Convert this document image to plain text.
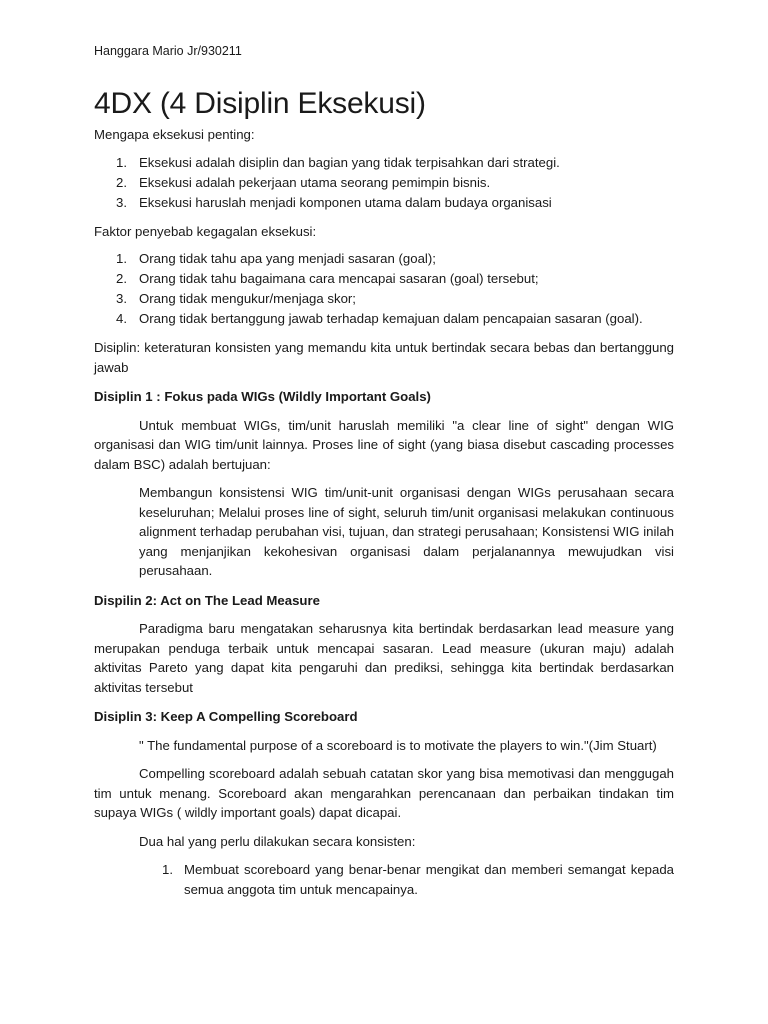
Hanggara Mario Jr/930211
4DX (4 Disiplin Eksekusi)

Mengapa eksekusi penting:

1. Eksekusi adalah disiplin dan bagian yang tidak terpisahkan dari strategi.
2. Eksekusi adalah pekerjaan utama seorang pemimpin bisnis.
3. Eksekusi haruslah menjadi komponen utama dalam budaya organisasi

Faktor penyebab kegagalan eksekusi:

1. Orang tidak tahu apa yang menjadi sasaran (goal);
2. Orang tidak tahu bagaimana cara mencapai sasaran (goal) tersebut;
3. Orang tidak mengukur/menjaga skor;
4. Orang tidak bertanggung jawab terhadap kemajuan dalam pencapaian sasaran (goal).

Disiplin: keteraturan konsisten yang memandu kita untuk bertindak secara bebas dan bertanggung jawab

Disiplin 1 : Fokus pada WIGs (Wildly Important Goals)

Untuk membuat WIGs, tim/unit haruslah memiliki "a clear line of sight" dengan WIG organisasi dan WIG tim/unit lainnya. Proses line of sight (yang biasa disebut cascading processes dalam BSC) adalah bertujuan:

Membangun konsistensi WIG tim/unit-unit organisasi dengan WIGs perusahaan secara keseluruhan; Melalui proses line of sight, seluruh tim/unit organisasi melakukan continuous alignment terhadap perubahan visi, tujuan, dan strategi perusahaan; Konsistensi WIG inilah yang menjanjikan kekohesivan organisasi dalam perjalanannya mewujudkan visi perusahaan.

Dispilin 2: Act on The Lead Measure

Paradigma baru mengatakan seharusnya kita bertindak berdasarkan lead measure yang merupakan penduga terbaik untuk mencapai sasaran. Lead measure (ukuran maju) adalah aktivitas Pareto yang dapat kita pengaruhi dan prediksi, sehingga kita bertindak berdasarkan aktivitas tersebut

Disiplin 3: Keep A Compelling Scoreboard

" The fundamental purpose of a scoreboard is to motivate the players to win."(Jim Stuart)

Compelling scoreboard adalah sebuah catatan skor yang bisa memotivasi dan menggugah tim untuk menang. Scoreboard akan mengarahkan perencanaan dan perbaikan tindakan tim supaya WIGs ( wildly important goals) dapat dicapai.

Dua hal yang perlu dilakukan secara konsisten:

1. Membuat scoreboard yang benar-benar mengikat dan memberi semangat kepada semua anggota tim untuk mencapainya.
